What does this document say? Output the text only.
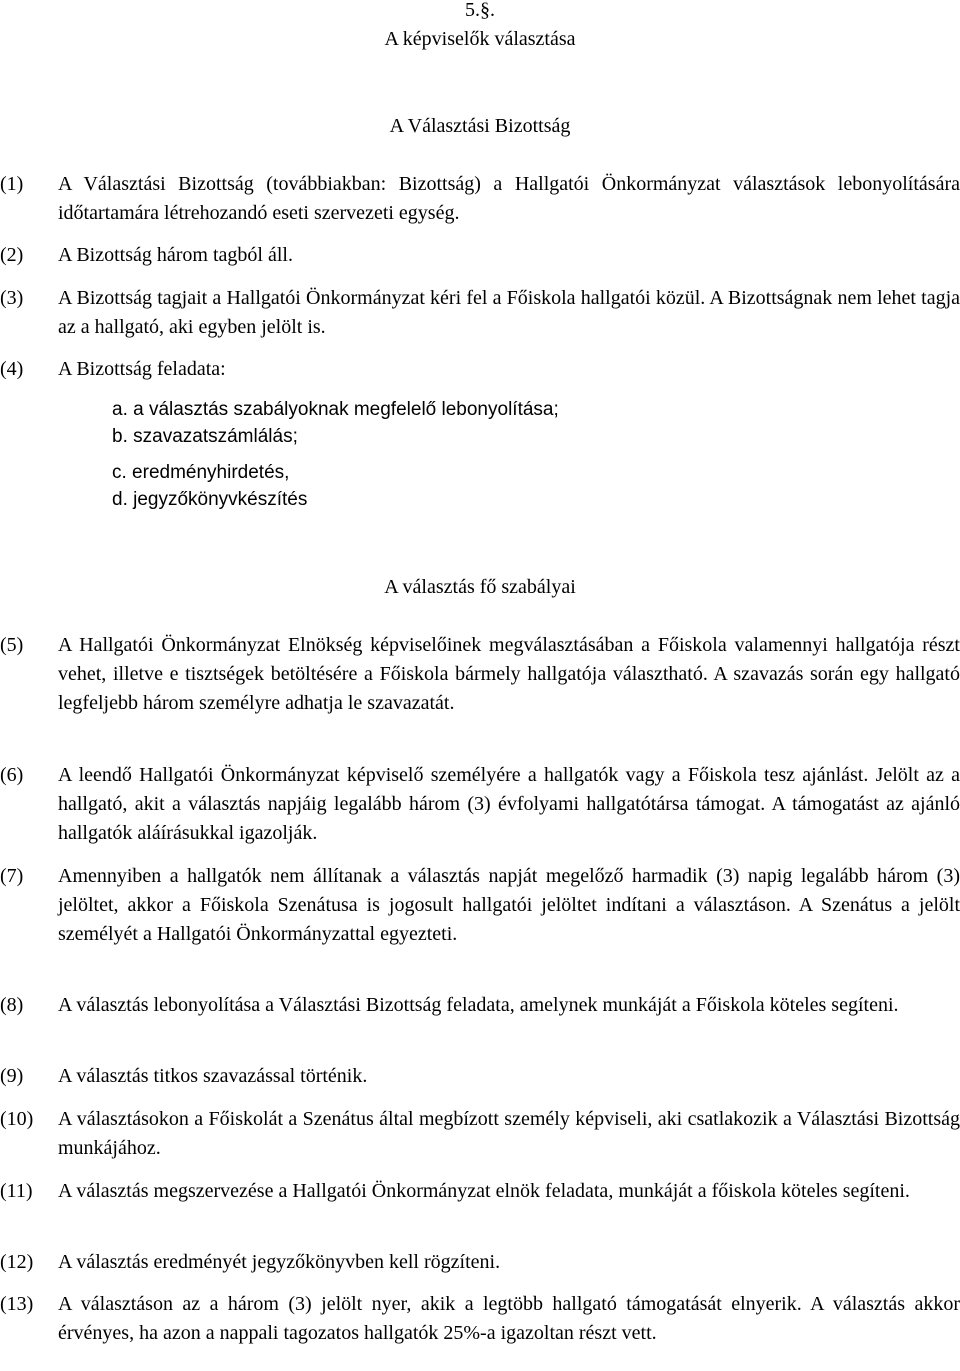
5.§.
A képviselők választása
A Választási Bizottság
(1) A Választási Bizottság (továbbiakban: Bizottság) a Hallgatói Önkormányzat választások lebonyolítására időtartamára létrehozandó eseti szervezeti egység.
(2) A Bizottság három tagból áll.
(3) A Bizottság tagjait a Hallgatói Önkormányzat kéri fel a Főiskola hallgatói közül. A Bizottságnak nem lehet tagja az a hallgató, aki egyben jelölt is.
(4) A Bizottság feladata:
a. a választás szabályoknak megfelelő lebonyolítása;
b. szavazatszámlálás;
c. eredményhirdetés,
d. jegyzőkönyvkészítés
A választás fő szabályai
(5) A Hallgatói Önkormányzat Elnökség képviselőinek megválasztásában a Főiskola valamennyi hallgatója részt vehet, illetve e tisztségek betöltésére a Főiskola bármely hallgatója választható. A szavazás során egy hallgató legfeljebb három személyre adhatja le szavazatát.
(6) A leendő Hallgatói Önkormányzat képviselő személyére a hallgatók vagy a Főiskola tesz ajánlást. Jelölt az a hallgató, akit a választás napjáig legalább három (3) évfolyami hallgatótársa támogat. A támogatást az ajánló hallgatók aláírásukkal igazolják.
(7) Amennyiben a hallgatók nem állítanak a választás napját megelőző harmadik (3) napig legalább három (3) jelöltet, akkor a Főiskola Szenátusa is jogosult hallgatói jelöltet indítani a választáson. A Szenátus a jelölt személyét a Hallgatói Önkormányzattal egyezteti.
(8) A választás lebonyolítása a Választási Bizottság feladata, amelynek munkáját a Főiskola köteles segíteni.
(9) A választás titkos szavazással történik.
(10) A választásokon a Főiskolát a Szenátus által megbízott személy képviseli, aki csatlakozik a Választási Bizottság munkájához.
(11) A választás megszervezése a Hallgatói Önkormányzat elnök feladata, munkáját a főiskola köteles segíteni.
(12) A választás eredményét jegyzőkönyvben kell rögzíteni.
(13) A választáson az a három (3) jelölt nyer, akik a legtöbb hallgató támogatását elnyerik. A választás akkor érvényes, ha azon a nappali tagozatos hallgatók 25%-a igazoltan részt vett.
